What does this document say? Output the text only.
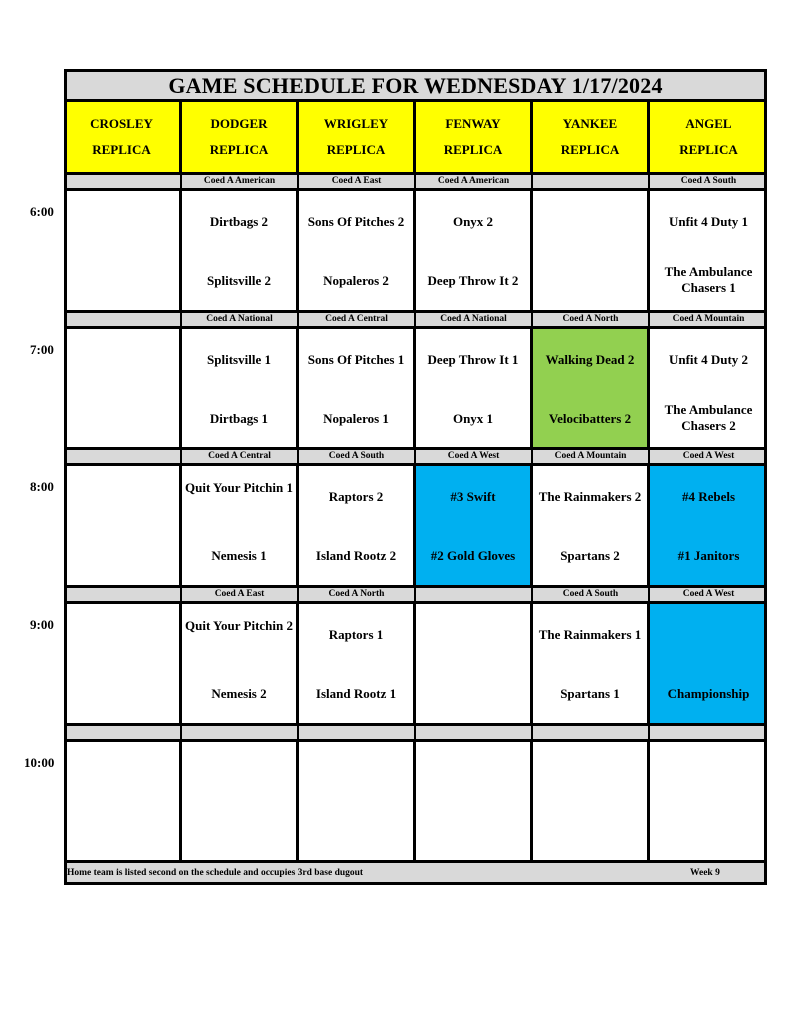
GAME SCHEDULE FOR WEDNESDAY 1/17/2024
CROSLEY
REPLICA
DODGER
REPLICA
WRIGLEY
REPLICA
FENWAY
REPLICA
YANKEE
REPLICA
ANGEL
REPLICA
Coed A American
Dirtbags 2
Splitsville 2
Coed A East
Sons Of Pitches 2
Nopaleros 2
Coed A American
Onyx 2
Deep Throw It 2
Coed A South
Unfit 4 Duty 1
The Ambulance Chasers 1
Coed A National
Splitsville 1
Dirtbags 1
Coed A Central
Sons Of Pitches 1
Nopaleros 1
Coed A National
Deep Throw It 1
Onyx 1
Coed A North
Walking Dead 2
Velocibatters 2
Coed A Mountain
Unfit 4 Duty 2
The Ambulance Chasers 2
Coed A Central
Quit Your Pitchin 1
Nemesis 1
Coed A South
Raptors 2
Island Rootz 2
Coed A West
#3 Swift
#2 Gold Gloves
Coed A Mountain
The Rainmakers 2
Spartans 2
Coed A West
#4 Rebels
#1 Janitors
Coed A East
Quit Your Pitchin 2
Nemesis 2
Coed A North
Raptors 1
Island Rootz 1
Coed A South
The Rainmakers 1
Spartans 1
Coed A West
Championship
Home team is listed second on the schedule and occupies 3rd base dugout	Week 9
6:00
7:00
8:00
9:00
10:00
